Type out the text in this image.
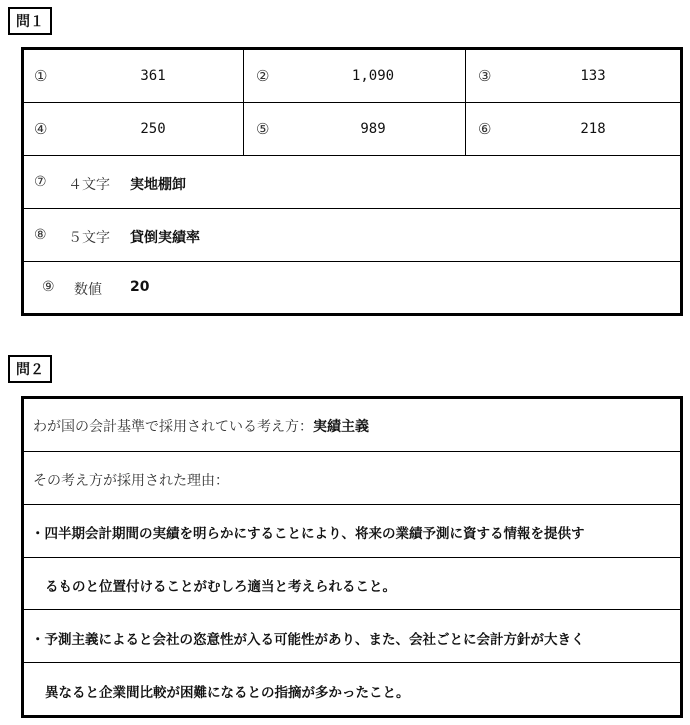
問１
①	361	②	1,090	③	133
④	250	⑤	989	⑥	218
⑦ ４文字 実地棚卸
⑧ ５文字 貸倒実績率
⑨ 数値 20
問２
わが国の会計基準で採用されている考え方：実績主義
その考え方が採用された理由：
・四半期会計期間の実績を明らかにすることにより、将来の業績予測に資する情報を提供す
るものと位置付けることがむしろ適当と考えられること。
・予測主義によると会社の恣意性が入る可能性があり、また、会社ごとに会計方針が大きく
異なると企業間比較が困難になるとの指摘が多かったこと。
